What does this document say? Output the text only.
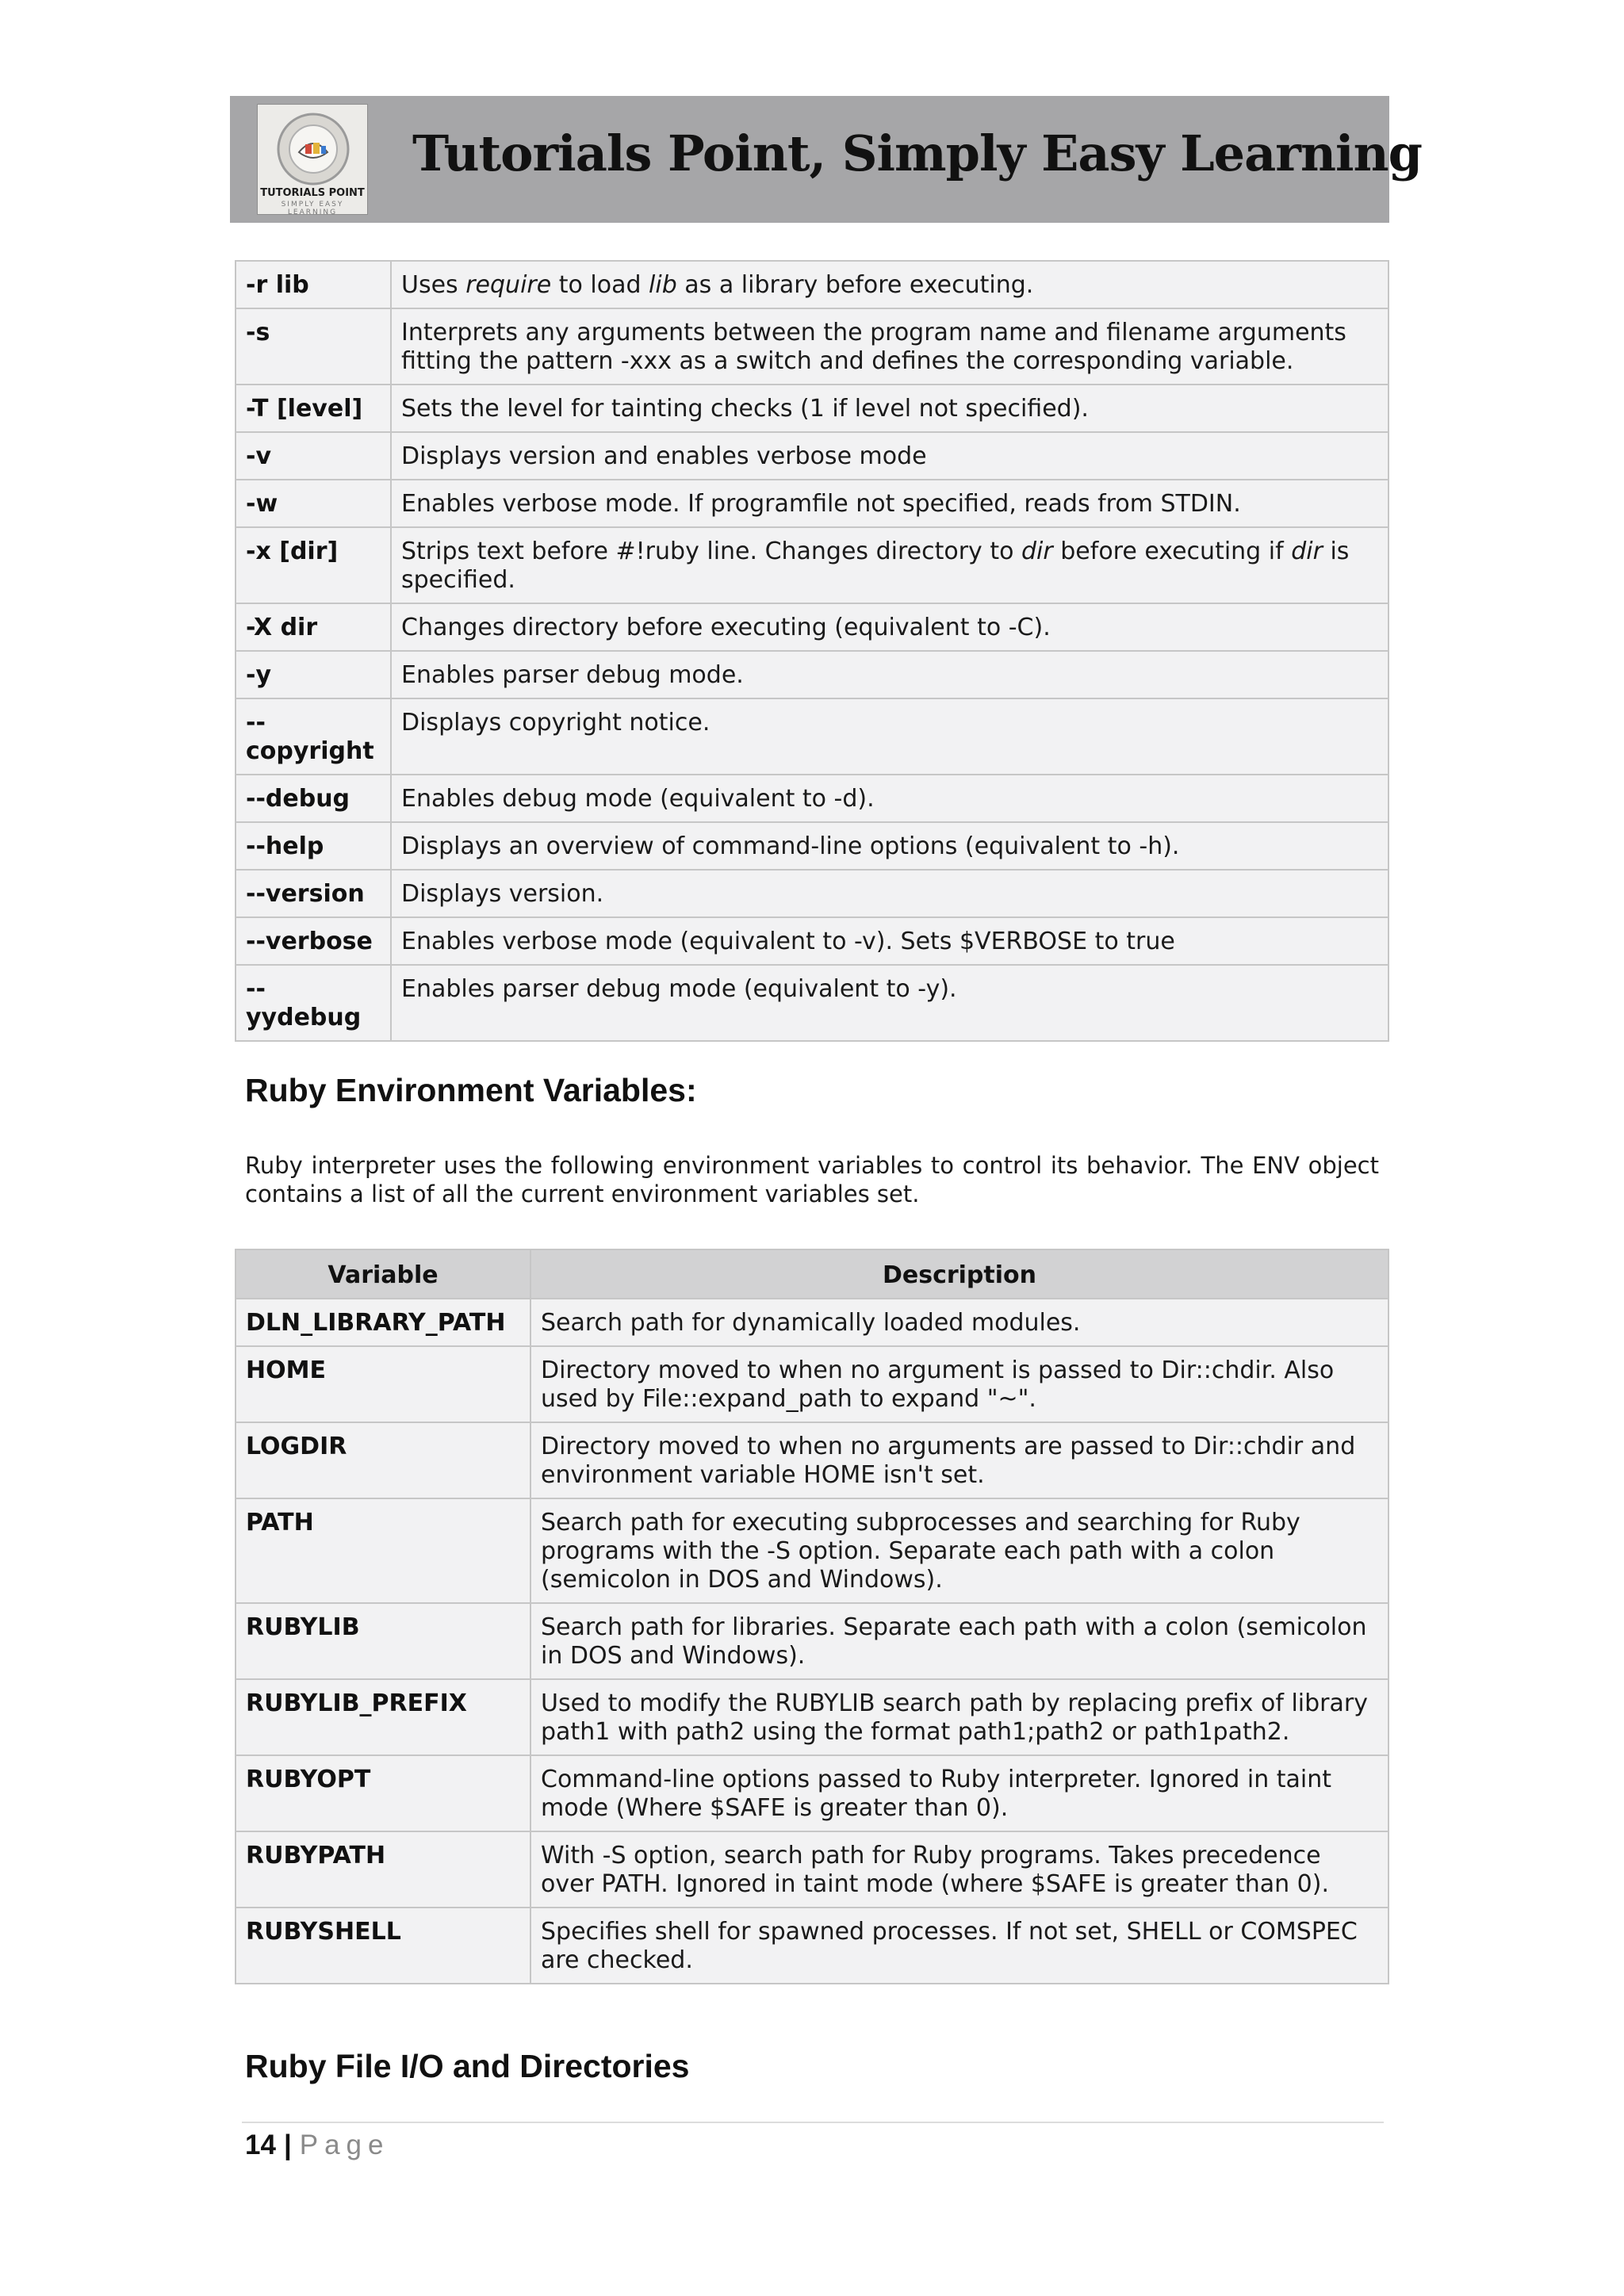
TUTORIALS POINT
SIMPLY EASY LEARNING
Tutorials Point, Simply Easy Learning
-r lib	Uses require to load lib as a library before executing.
-s	Interprets any arguments between the program name and filename arguments fitting the pattern -xxx as a switch and defines the corresponding variable.
-T [level]	Sets the level for tainting checks (1 if level not specified).
-v	Displays version and enables verbose mode
-w	Enables verbose mode. If programfile not specified, reads from STDIN.
-x [dir]	Strips text before #!ruby line. Changes directory to dir before executing if dir is specified.
-X dir	Changes directory before executing (equivalent to -C).
-y	Enables parser debug mode.
--copyright	Displays copyright notice.
--debug	Enables debug mode (equivalent to -d).
--help	Displays an overview of command-line options (equivalent to -h).
--version	Displays version.
--verbose	Enables verbose mode (equivalent to -v). Sets $VERBOSE to true
--yydebug	Enables parser debug mode (equivalent to -y).
Ruby Environment Variables:
Ruby interpreter uses the following environment variables to control its behavior. The ENV object contains a list of all the current environment variables set.
Variable	Description
DLN_LIBRARY_PATH	Search path for dynamically loaded modules.
HOME	Directory moved to when no argument is passed to Dir::chdir. Also used by File::expand_path to expand "~".
LOGDIR	Directory moved to when no arguments are passed to Dir::chdir and environment variable HOME isn't set.
PATH	Search path for executing subprocesses and searching for Ruby programs with the -S option. Separate each path with a colon (semicolon in DOS and Windows).
RUBYLIB	Search path for libraries. Separate each path with a colon (semicolon in DOS and Windows).
RUBYLIB_PREFIX	Used to modify the RUBYLIB search path by replacing prefix of library path1 with path2 using the format path1;path2 or path1path2.
RUBYOPT	Command-line options passed to Ruby interpreter. Ignored in taint mode (Where $SAFE is greater than 0).
RUBYPATH	With -S option, search path for Ruby programs. Takes precedence over PATH. Ignored in taint mode (where $SAFE is greater than 0).
RUBYSHELL	Specifies shell for spawned processes. If not set, SHELL or COMSPEC are checked.
Ruby File I/O and Directories
14 | Page
